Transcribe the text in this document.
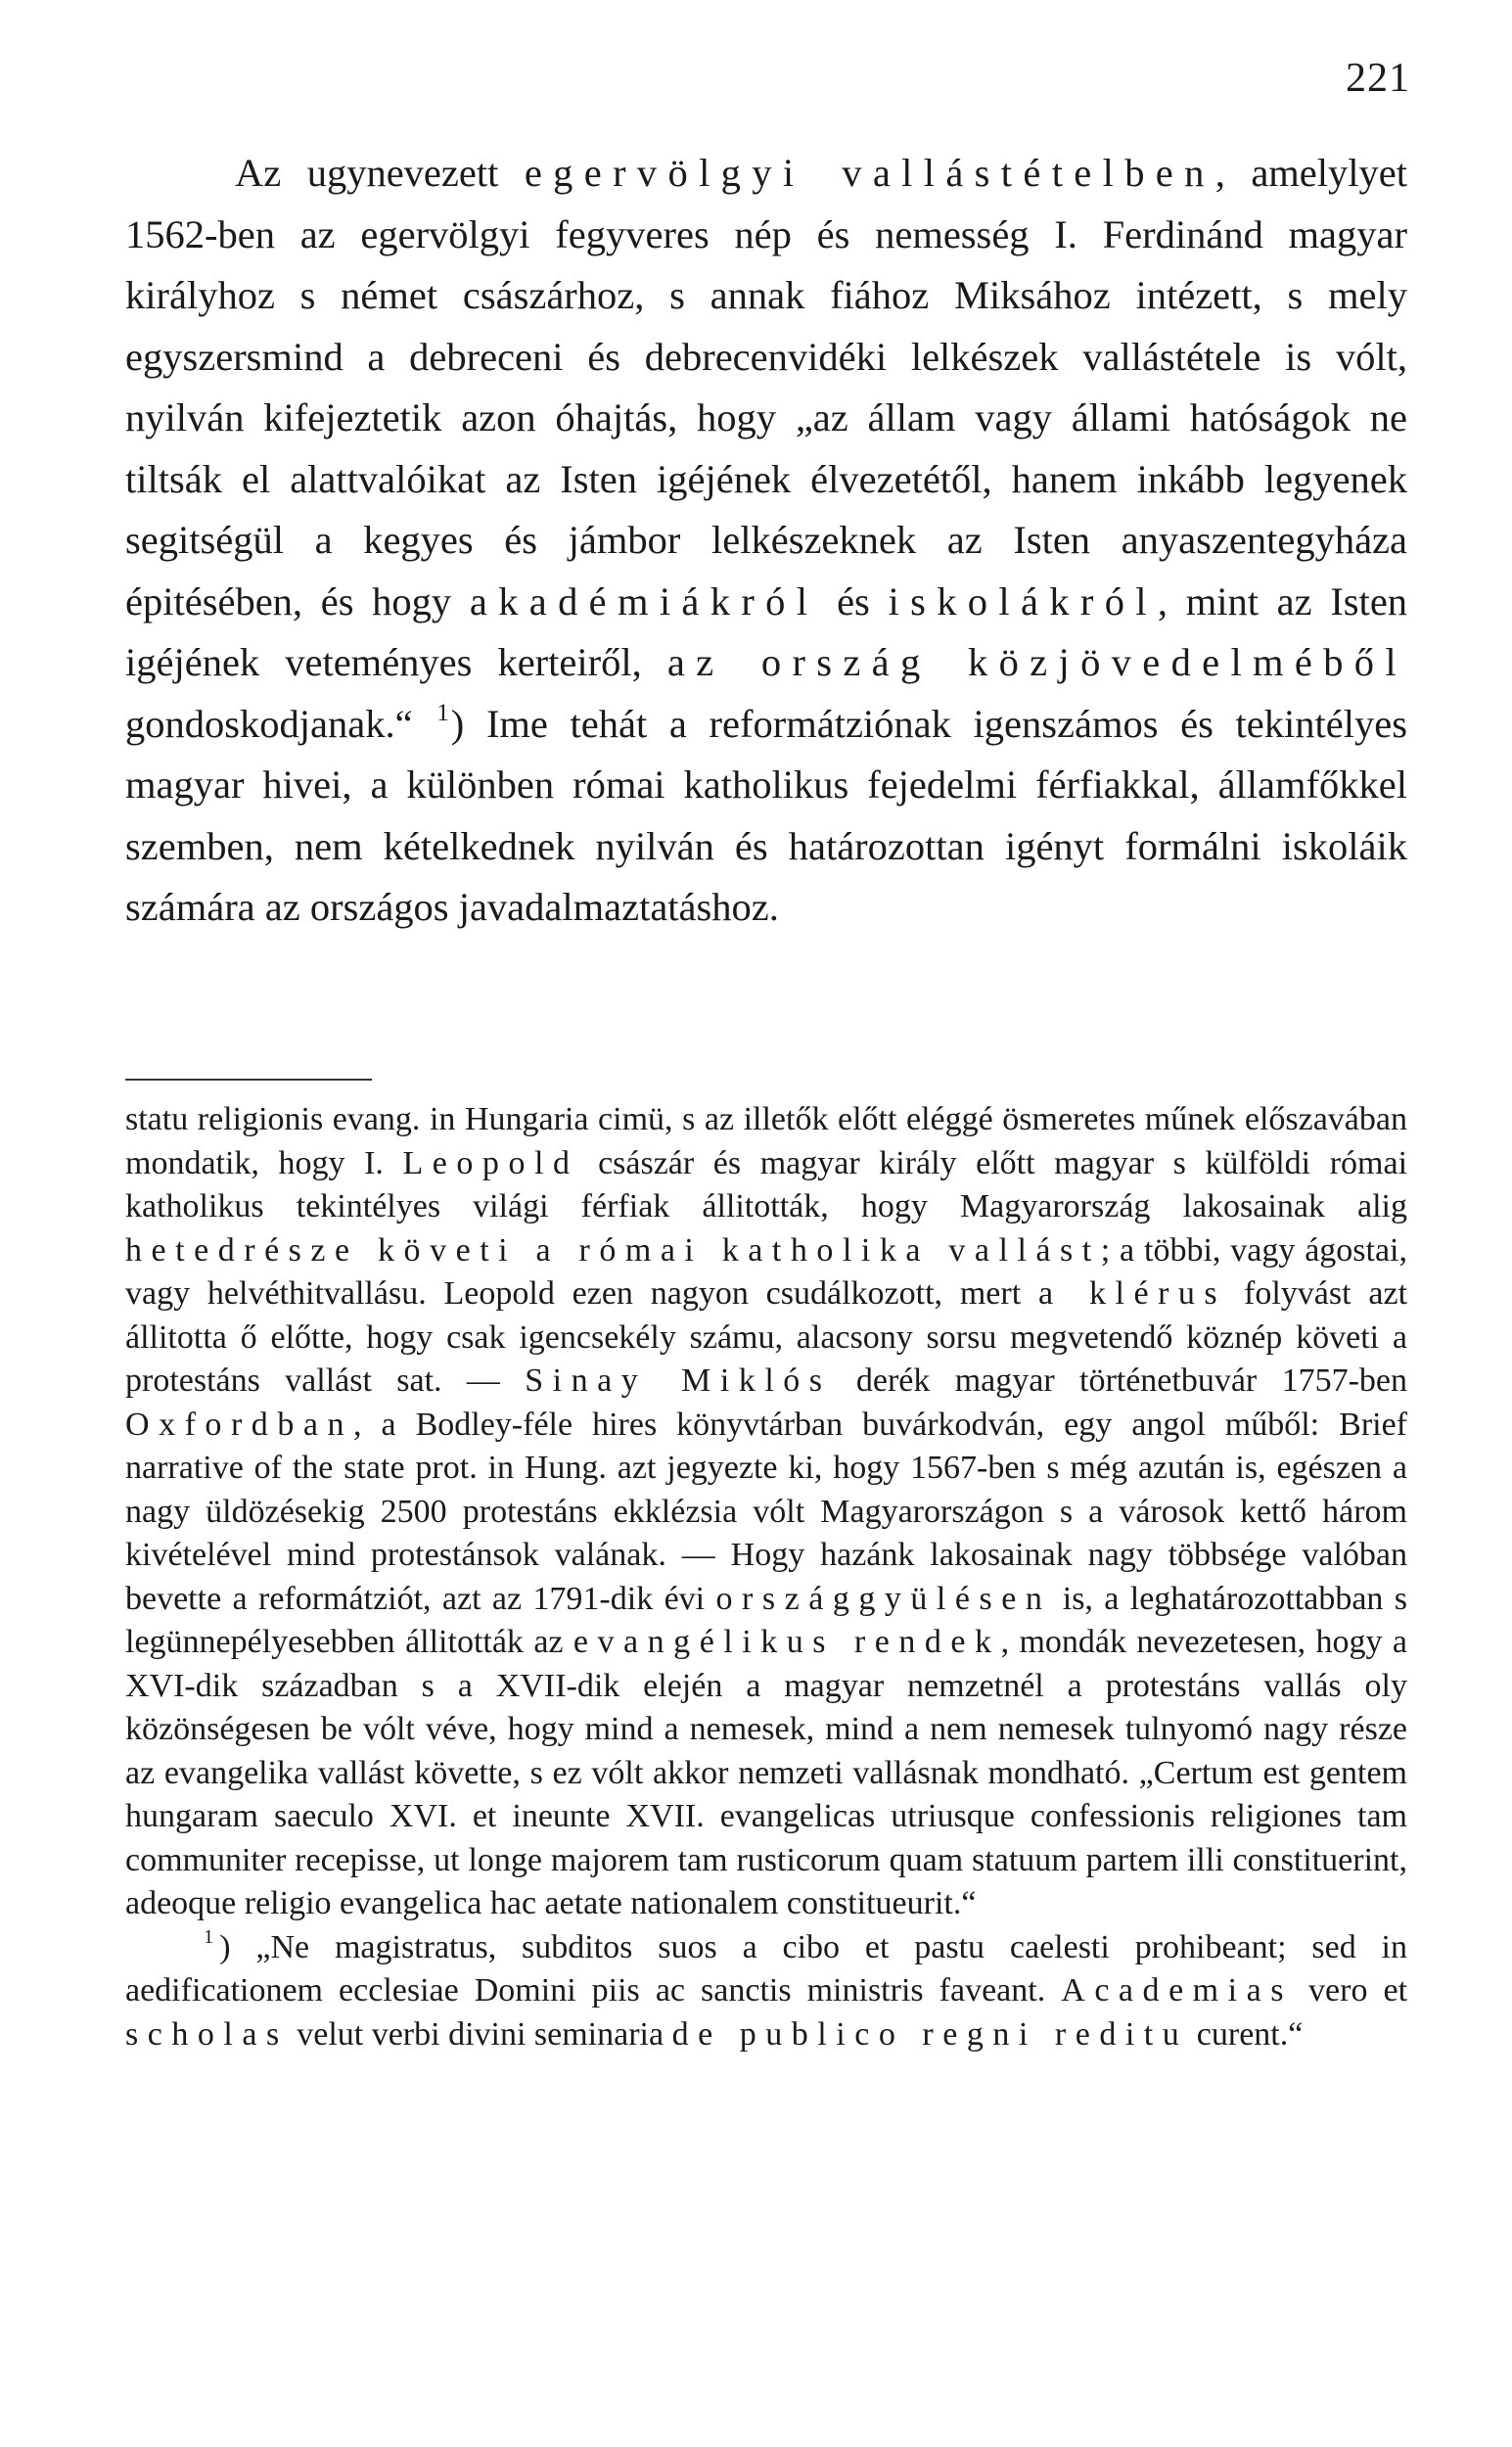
221

Az ugynevezett egervölgyi vallástételben, amelylyet 1562-ben az egervölgyi fegyveres nép és nemesség I. Ferdinánd magyar királyhoz s német császárhoz, s annak fiához Miksához intézett, s mely egyszersmind a debreceni és debrecenvidéki lelkészek vallástétele is vólt, nyilván kifejeztetik azon óhajtás, hogy „az állam vagy állami hatóságok ne tiltsák el alattvalóikat az Isten igéjének élvezetétől, hanem inkább legyenek segitségül a kegyes és jámbor lelkészeknek az Isten anyaszentegyháza épitésében, és hogy akadémiákról és iskolákról, mint az Isten igéjének veteményes kerteiről, az ország közjövedelméből gondoskodjanak.“ $^1$) Ime tehát a reformátziónak igenszámos és tekintélyes magyar hivei, a különben római katholikus fejedelmi férfiakkal, államfőkkel szemben, nem kételkednek nyilván és határozottan igényt formálni iskoláik számára az országos javadalmaztatáshoz.

statu religionis evang. in Hungaria cimü, s az illetők előtt eléggé ösmeretes műnek előszavában mondatik, hogy I. Leopold császár és magyar király előtt magyar s külföldi római katholikus tekintélyes világi férfiak állitották, hogy Magyarország lakosainak alig hetedrésze követi a római katholika vallást; a többi, vagy ágostai, vagy helvéthitvallásu. Leopold ezen nagyon csudálkozott, mert a klérus folyvást azt állitotta ő előtte, hogy csak igencsekély számu, alacsony sorsu megvetendő köznép követi a protestáns vallást sat. — Sinay Miklós derék magyar történetbuvár 1757-ben Oxfordban, a Bodley-féle hires könyvtárban buvárkodván, egy angol műből: Brief narrative of the state prot. in Hung. azt jegyezte ki, hogy 1567-ben s még azután is, egészen a nagy üldözésekig 2500 protestáns ekklézsia vólt Magyarországon s a városok kettő három kivételével mind protestánsok valának. — Hogy hazánk lakosainak nagy többsége valóban bevette a reformátziót, azt az 1791-dik évi országgyülésen is, a leghatározottabban s legünnepélyesebben állitották az evangélikus rendek, mondák nevezetesen, hogy a XVI-dik században s a XVII-dik elején a magyar nemzetnél a protestáns vallás oly közönségesen be vólt véve, hogy mind a nemesek, mind a nem nemesek tulnyomó nagy része az evangelika vallást követte, s ez vólt akkor nemzeti vallásnak mondható. „Certum est gentem hungaram saeculo XVI. et ineunte XVII. evangelicas utriusque confessionis religiones tam communiter recepisse, ut longe majorem tam rusticorum quam statuum partem illi constituerint, adeoque religio evangelica hac aetate nationalem constitueurit.“

$^1$ ) „Ne magistratus, subditos suos a cibo et pastu caelesti prohibeant; sed in aedificationem ecclesiae Domini piis ac sanctis ministris faveant. Academias vero et scholas velut verbi divini seminaria de publico regni reditu curent.“
